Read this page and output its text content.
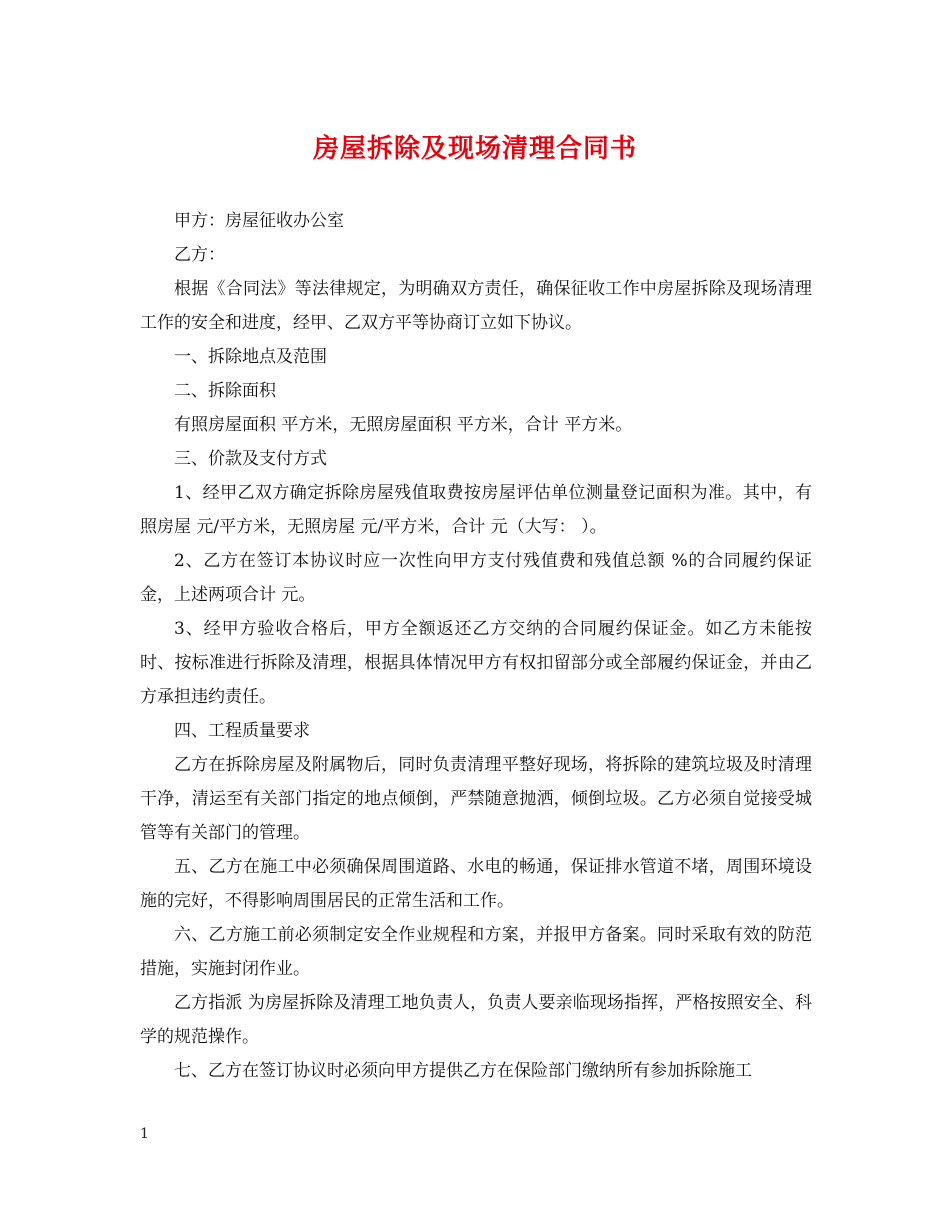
房屋拆除及现场清理合同书

甲方：房屋征收办公室

乙方：

根据《合同法》等法律规定，为明确双方责任，确保征收工作中房屋拆除及现场清理工作的安全和进度，经甲、乙双方平等协商订立如下协议。

一、拆除地点及范围

二、拆除面积

有照房屋面积 平方米，无照房屋面积 平方米，合计 平方米。

三、价款及支付方式

1、经甲乙双方确定拆除房屋残值取费按房屋评估单位测量登记面积为准。其中，有照房屋 元/平方米，无照房屋 元/平方米，合计 元（大写： ）。

2、乙方在签订本协议时应一次性向甲方支付残值费和残值总额 %的合同履约保证金，上述两项合计 元。

3、经甲方验收合格后，甲方全额返还乙方交纳的合同履约保证金。如乙方未能按时、按标准进行拆除及清理，根据具体情况甲方有权扣留部分或全部履约保证金，并由乙方承担违约责任。

四、工程质量要求

乙方在拆除房屋及附属物后，同时负责清理平整好现场，将拆除的建筑垃圾及时清理干净，清运至有关部门指定的地点倾倒，严禁随意抛洒，倾倒垃圾。乙方必须自觉接受城管等有关部门的管理。

五、乙方在施工中必须确保周围道路、水电的畅通，保证排水管道不堵，周围环境设施的完好，不得影响周围居民的正常生活和工作。

六、乙方施工前必须制定安全作业规程和方案，并报甲方备案。同时采取有效的防范措施，实施封闭作业。

乙方指派 为房屋拆除及清理工地负责人，负责人要亲临现场指挥，严格按照安全、科学的规范操作。

七、乙方在签订协议时必须向甲方提供乙方在保险部门缴纳所有参加拆除施工

1
